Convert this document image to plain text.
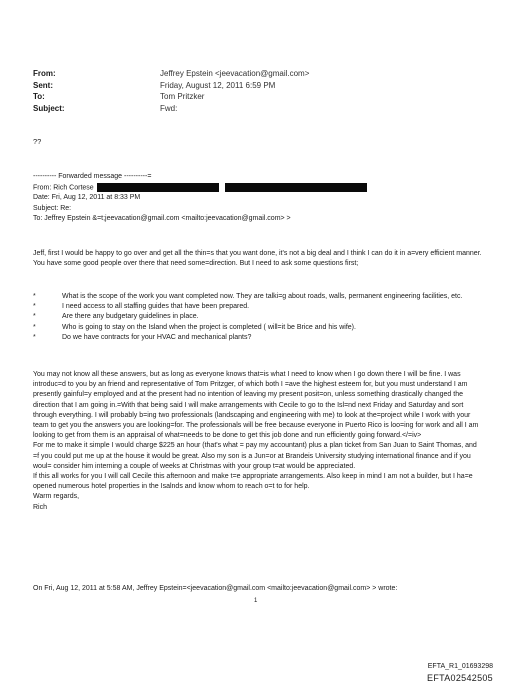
From:	Jeffrey Epstein <jeevacation@gmail.com>
Sent:	Friday, August 12, 2011 6:59 PM
To:	Tom Pritzker
Subject:	Fwd:
??
---------- Forwarded message ----------=
From: Rich Cortese
Date: Fri, Aug 12, 2011 at 8:33 PM
Subject: Re:
To: Jeffrey Epstein &=t;jeevacation@gmail.com <mailto:jeevacation@gmail.com> >
Jeff, first I would be happy to go over and get all the thin=s that you want done, it's not a big deal and I think I can do it in a=very efficient manner. You have some good people over there that need some=direction. But I need to ask some questions first;
*	What is the scope of the work you want completed now. They are talki=g about roads, walls, permanent engineering facilities, etc.
*	I need access to all staffing guides that have been prepared.
*	Are there any budgetary guidelines in place.
*	Who is going to stay on the Island when the project is completed ( will=it be Brice and his wife).
*	Do we have contracts for your HVAC and mechanical plants?
You may not know all these answers, but as long as everyone knows that=is what I need to know when I go down there I will be fine. I was introduc=d to you by an friend and representative of Tom Pritzger, of which both I =ave the highest esteem for, but you must understand I am presently gainful=y employed and at the present had no intention of leaving my present posit=on, unless something drastically changed the direction that I am going in.=With that being said I will make arrangements with Cecile to go to the Isl=nd next Friday and Saturday and sort through everything. I will probably b=ing two professionals (landscaping and engineering with me) to look at the=project while I work with your team to get you the answers you are looking=for. The professionals will be free because everyone in Puerto Rico is loo=ing for work and all I am looking to get from them is an appraisal of what=needs to be done to get this job done and run efficiently going forward.</=iv>
For me to make it simple I would charge $225 an hour (that's what = pay my accountant) plus a plan ticket from San Juan to Saint Thomas, and =f you could put me up at the house it would be great. Also my son is a Jun=or at Brandeis University studying international finance and if you woul= consider him interning a couple of weeks at Christmas with your group t=at would be appreciated.
If this all works for you I will call Cecile this afternoon and make t=e appropriate arrangements. Also keep in mind I am not a builder, but I ha=e opened numerous hotel properties in the Isalnds and know whom to reach o=t to for help.
Warm regards,
Rich
On Fri, Aug 12, 2011 at 5:58 AM, Jeffrey Epstein=<jeevacation@gmail.com <mailto:jeevacation@gmail.com> > wrote:
1
EFTA_R1_01693298
EFTA02542505
